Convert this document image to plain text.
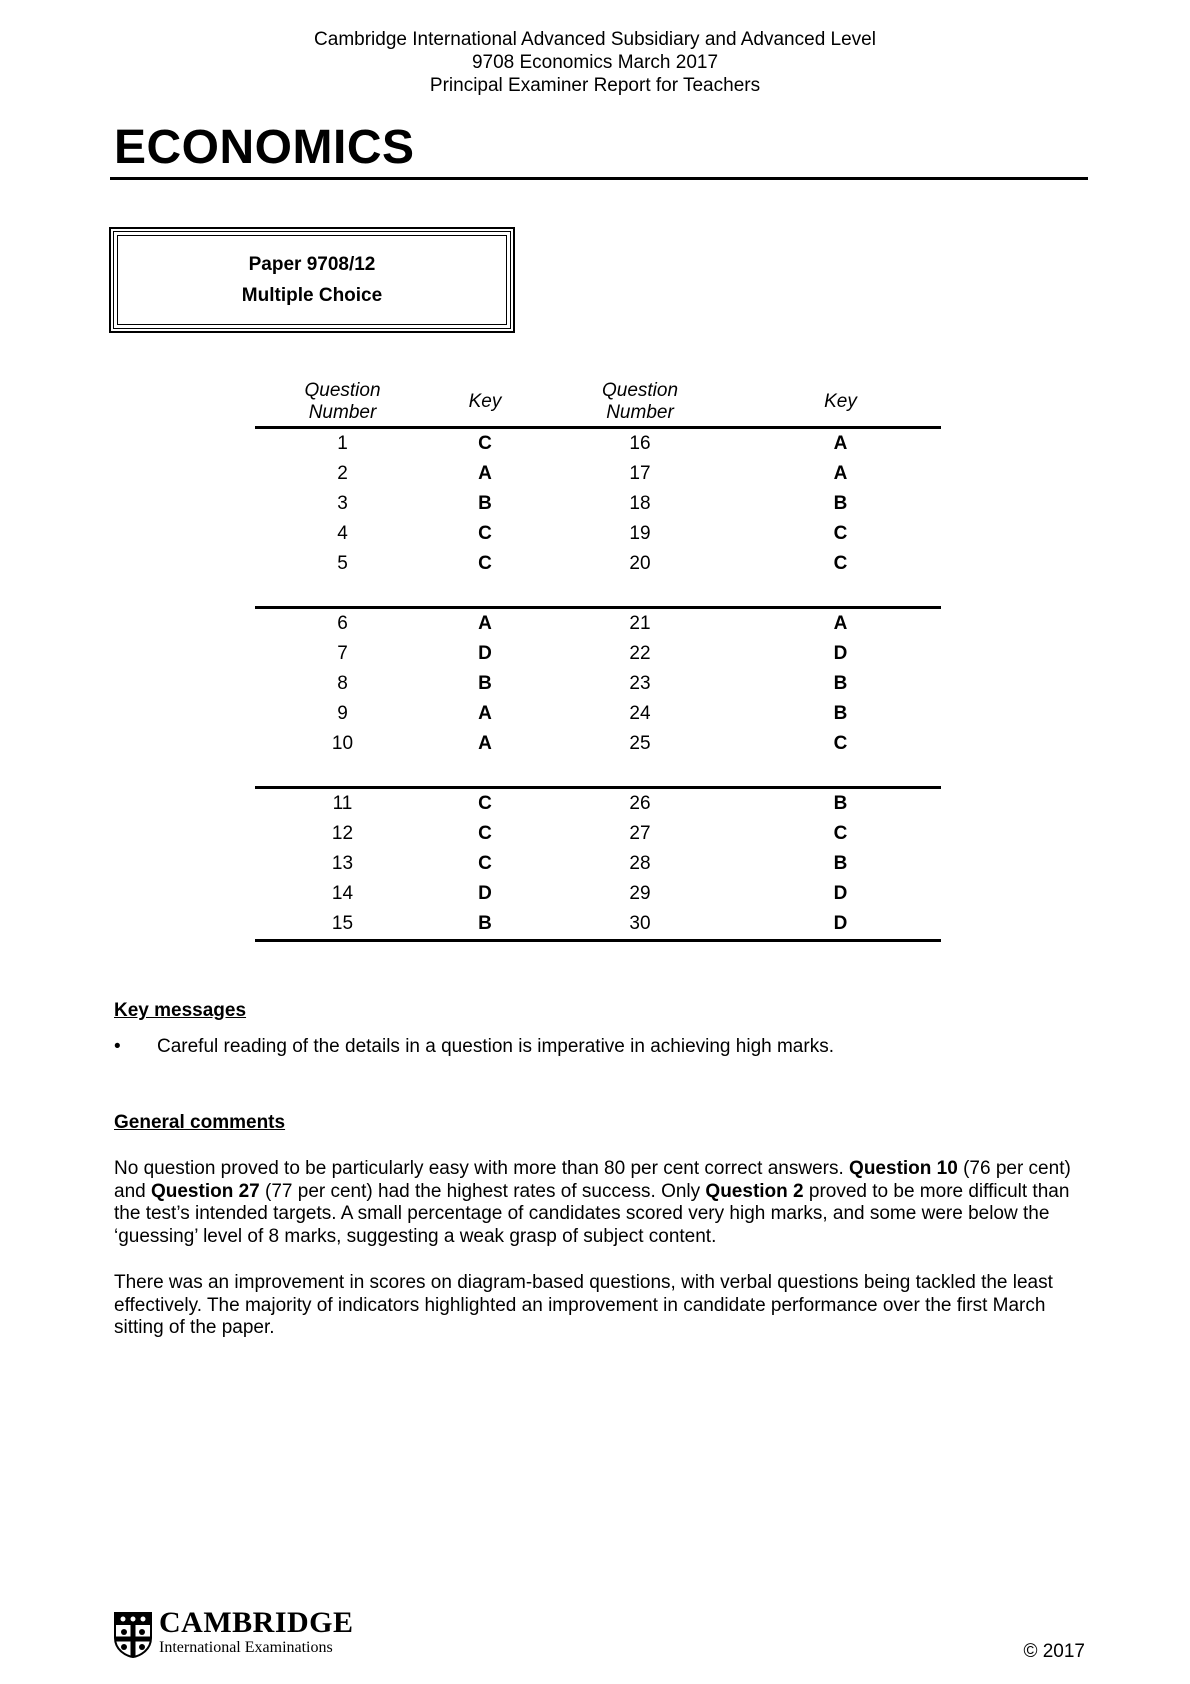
Cambridge International Advanced Subsidiary and Advanced Level
9708 Economics March 2017
Principal Examiner Report for Teachers
ECONOMICS
Paper 9708/12
Multiple Choice
Question
Number	Key	Question
Number	Key
1	C	16	A
2	A	17	A
3	B	18	B
4	C	19	C
5	C	20	C

6	A	21	A
7	D	22	D
8	B	23	B
9	A	24	B
10	A	25	C

11	C	26	B
12	C	27	C
13	C	28	B
14	D	29	D
15	B	30	D
Key messages
• Careful reading of the details in a question is imperative in achieving high marks.
General comments

No question proved to be particularly easy with more than 80 per cent correct answers. Question 10 (76 per cent) and Question 27 (77 per cent) had the highest rates of success. Only Question 2 proved to be more difficult than the test’s intended targets. A small percentage of candidates scored very high marks, and some were below the ‘guessing’ level of 8 marks, suggesting a weak grasp of subject content.

There was an improvement in scores on diagram-based questions, with verbal questions being tackled the least effectively. The majority of indicators highlighted an improvement in candidate performance over the first March sitting of the paper.

CAMBRIDGE
International Examinations	© 2017
